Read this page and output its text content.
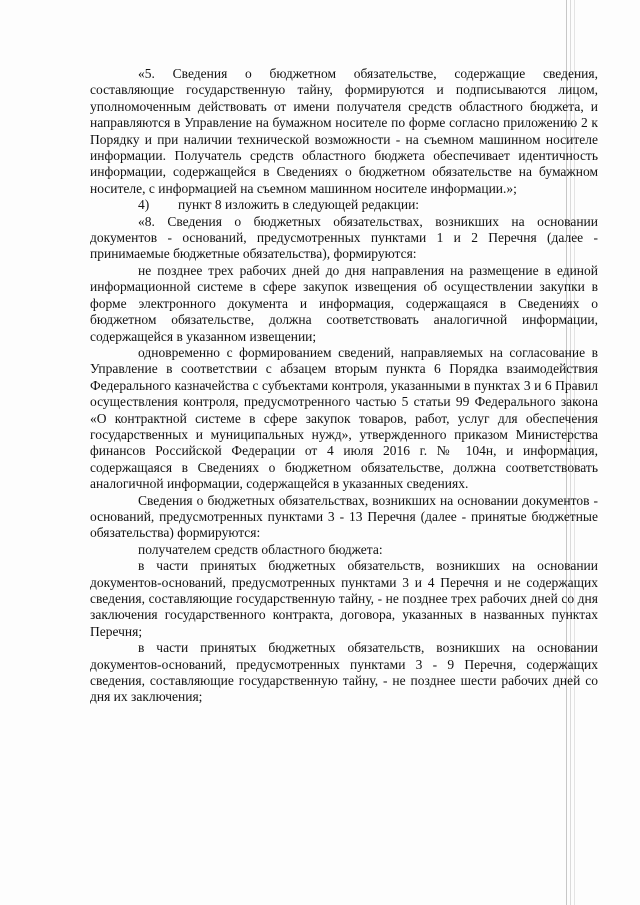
«5. Сведения о бюджетном обязательстве, содержащие сведения, составляющие государственную тайну, формируются и подписываются лицом, уполномоченным действовать от имени получателя средств областного бюджета, и направляются в Управление на бумажном носителе по форме согласно приложению 2 к Порядку и при наличии технической возможности - на съемном машинном носителе информации. Получатель средств областного бюджета обеспечивает идентичность информации, содержащейся в Сведениях о бюджетном обязательстве на бумажном носителе, с информацией на съемном машинном носителе информации.»;

4) пункт 8 изложить в следующей редакции:

«8. Сведения о бюджетных обязательствах, возникших на основании документов - оснований, предусмотренных пунктами 1 и 2 Перечня (далее - принимаемые бюджетные обязательства), формируются:

не позднее трех рабочих дней до дня направления на размещение в единой информационной системе в сфере закупок извещения об осуществлении закупки в форме электронного документа и информация, содержащаяся в Сведениях о бюджетном обязательстве, должна соответствовать аналогичной информации, содержащейся в указанном извещении;

одновременно с формированием сведений, направляемых на согласование в Управление в соответствии с абзацем вторым пункта 6 Порядка взаимодействия Федерального казначейства с субъектами контроля, указанными в пунктах 3 и 6 Правил осуществления контроля, предусмотренного частью 5 статьи 99 Федерального закона «О контрактной системе в сфере закупок товаров, работ, услуг для обеспечения государственных и муниципальных нужд», утвержденного приказом Министерства финансов Российской Федерации от 4 июля 2016 г. № 104н, и информация, содержащаяся в Сведениях о бюджетном обязательстве, должна соответствовать аналогичной информации, содержащейся в указанных сведениях.

Сведения о бюджетных обязательствах, возникших на основании документов - оснований, предусмотренных пунктами 3 - 13 Перечня (далее - принятые бюджетные обязательства) формируются:

получателем средств областного бюджета:

в части принятых бюджетных обязательств, возникших на основании документов-оснований, предусмотренных пунктами 3 и 4 Перечня и не содержащих сведения, составляющие государственную тайну, - не позднее трех рабочих дней со дня заключения государственного контракта, договора, указанных в названных пунктах Перечня;

в части принятых бюджетных обязательств, возникших на основании документов-оснований, предусмотренных пунктами 3 - 9 Перечня, содержащих сведения, составляющие государственную тайну, - не позднее шести рабочих дней со дня их заключения;
